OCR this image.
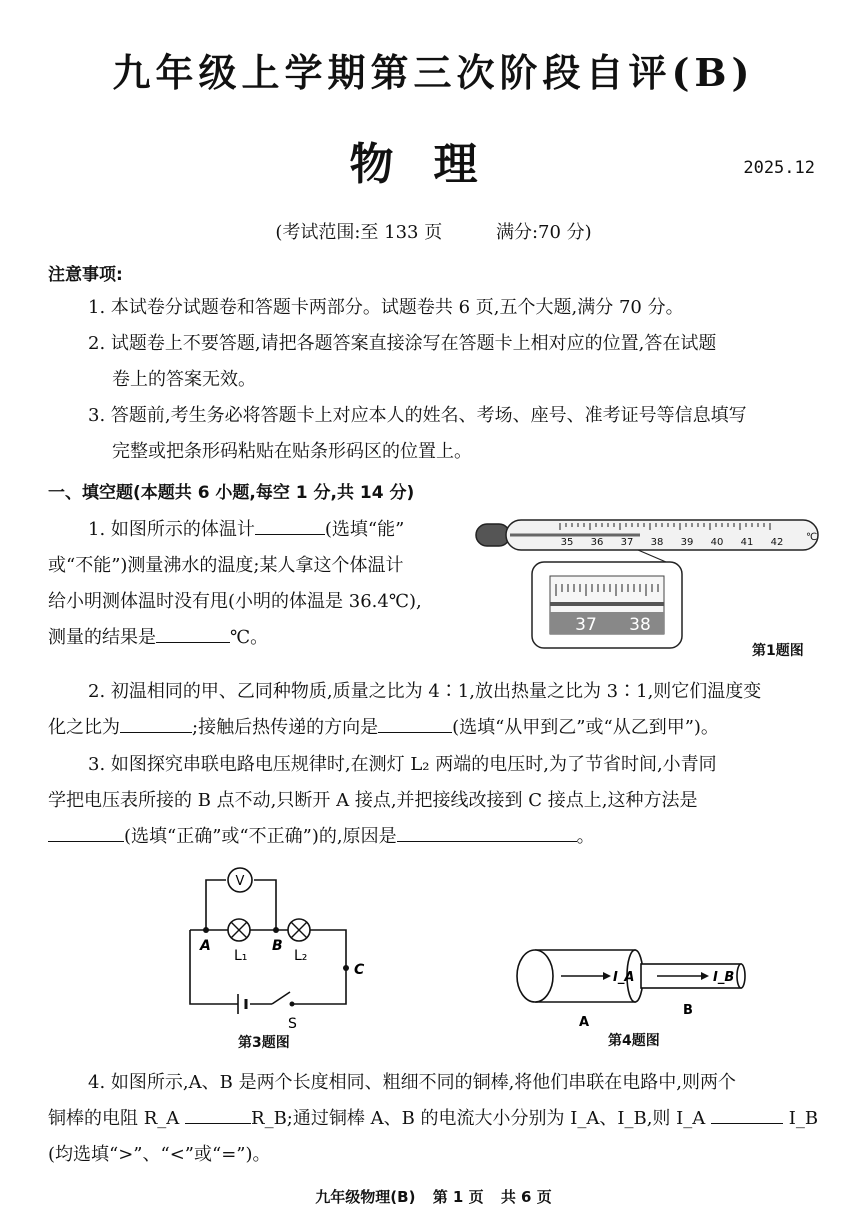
九年级上学期第三次阶段自评(B)
物理	2025.12
(考试范围:至 133 页	满分:70 分)
注意事项:
1. 本试卷分试题卷和答题卡两部分。试题卷共 6 页,五个大题,满分 70 分。
2. 试题卷上不要答题,请把各题答案直接涂写在答题卡上相对应的位置,答在试题
卷上的答案无效。
3. 答题前,考生务必将答题卡上对应本人的姓名、考场、座号、准考证号等信息填写
完整或把条形码粘贴在贴条形码区的位置上。
一、填空题(本题共 6 小题,每空 1 分,共 14 分)
1. 如图所示的体温计	(选填“能”
或“不能”)测量沸水的温度;某人拿这个体温计
给小明测体温时没有甩(小明的体温是 36.4℃),
测量的结果是	℃。
35 36 37 38 39 40 41 42 ℃
37 38
第1题图
2. 初温相同的甲、乙同种物质,质量之比为 4∶1,放出热量之比为 3∶1,则它们温度变
化之比为	;接触后热传递的方向是	(选填“从甲到乙”或“从乙到甲”)。
3. 如图探究串联电路电压规律时,在测灯 L₂ 两端的电压时,为了节省时间,小青同
学把电压表所接的 B 点不动,只断开 A 接点,并把接线改接到 C 接点上,这种方法是
(选填“正确”或“不正确”)的,原因是	。
V
A	B
C
L₁	L₂
S
第3题图
I_A	I_B
A
B
第4题图
4. 如图所示,A、B 是两个长度相同、粗细不同的铜棒,将他们串联在电路中,则两个
铜棒的电阻 R_A	R_B;通过铜棒 A、B 的电流大小分别为 I_A、I_B,则 I_A	I_B
(均选填“>”、“<”或“=”)。
九年级物理(B) 第 1 页 共 6 页
